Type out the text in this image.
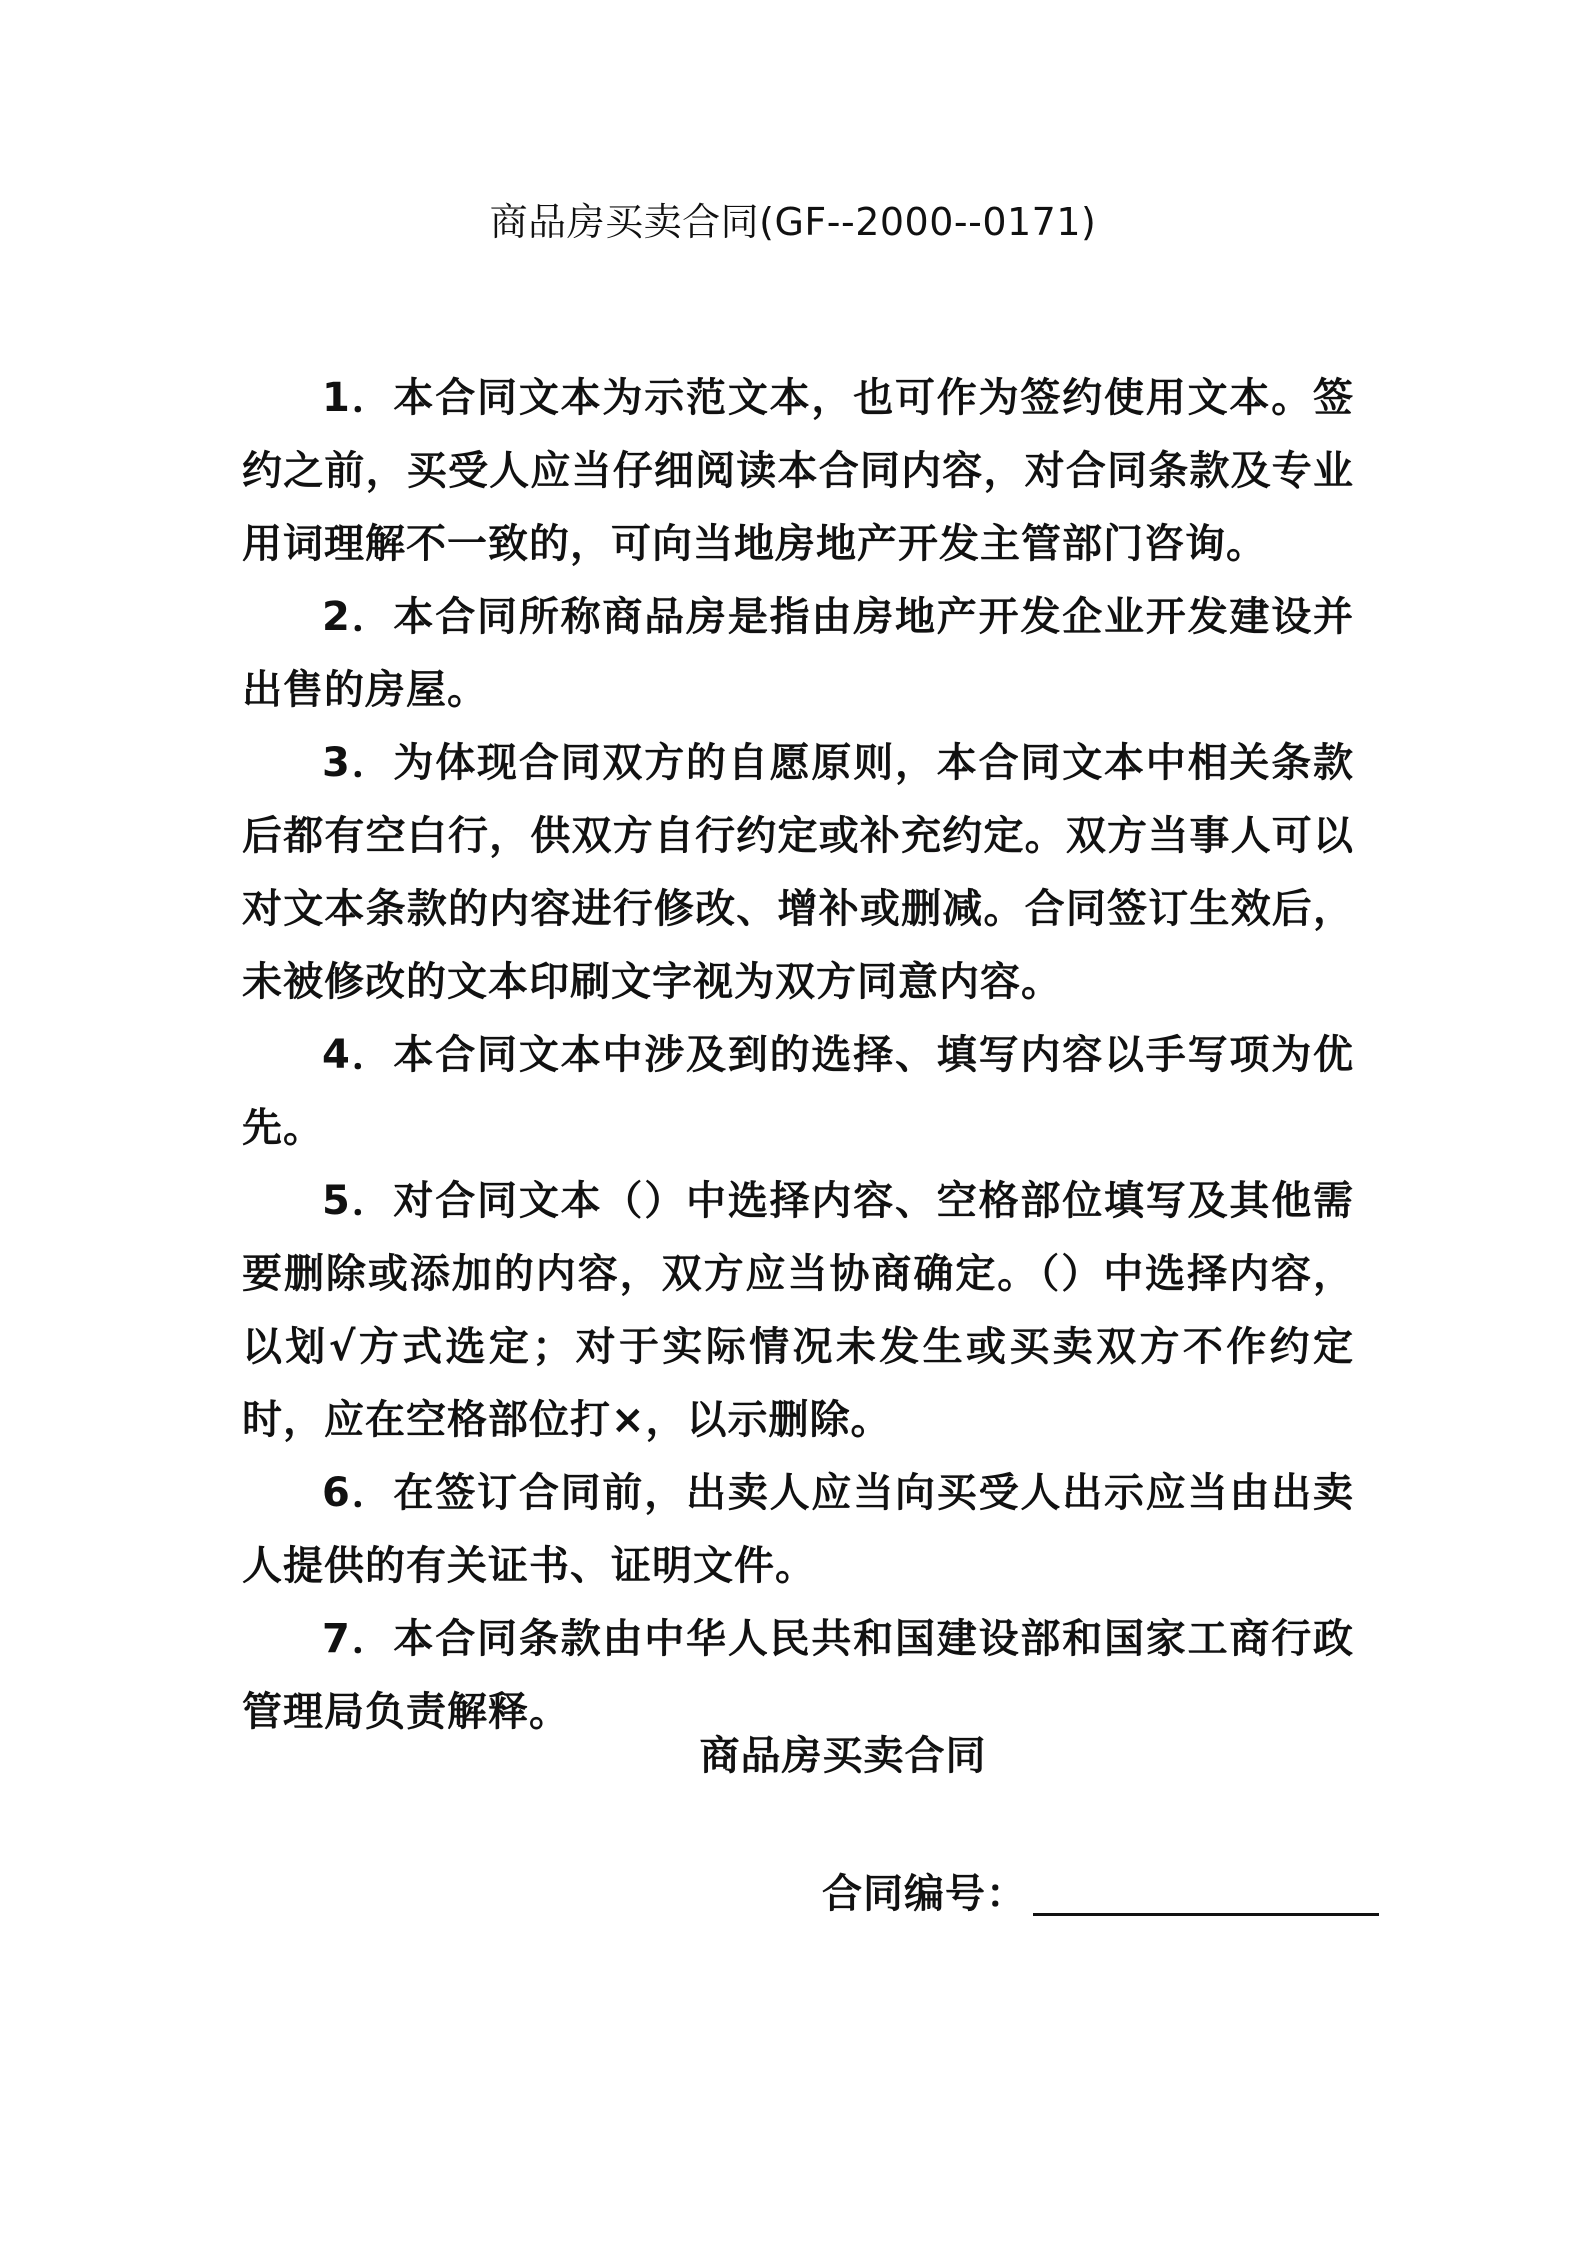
商品房买卖合同(GF--2000--0171)

1．本合同文本为示范文本，也可作为签约使用文本。签约之前，买受人应当仔细阅读本合同内容，对合同条款及专业用词理解不一致的，可向当地房地产开发主管部门咨询。

2．本合同所称商品房是指由房地产开发企业开发建设并出售的房屋。

3．为体现合同双方的自愿原则，本合同文本中相关条款后都有空白行，供双方自行约定或补充约定。双方当事人可以对文本条款的内容进行修改、增补或删减。合同签订生效后，未被修改的文本印刷文字视为双方同意内容。

4．本合同文本中涉及到的选择、填写内容以手写项为优先。

5．对合同文本（）中选择内容、空格部位填写及其他需要删除或添加的内容，双方应当协商确定。（）中选择内容，以划√方式选定；对于实际情况未发生或买卖双方不作约定时，应在空格部位打×，以示删除。

6．在签订合同前，出卖人应当向买受人出示应当由出卖人提供的有关证书、证明文件。

7．本合同条款由中华人民共和国建设部和国家工商行政管理局负责解释。

商品房买卖合同
合同编号：
